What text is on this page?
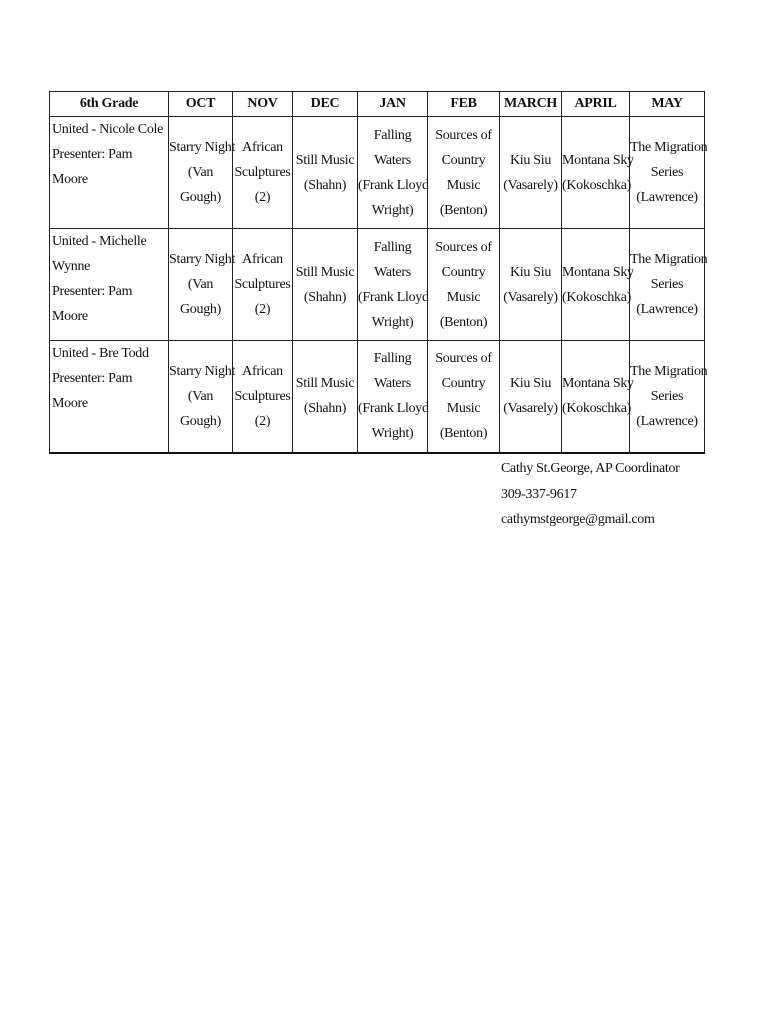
6th Grade	OCT	NOV	DEC	JAN	FEB	MARCH	APRIL	MAY

United - Nicole Cole
Presenter: Pam Moore	Starry Night
(Van
Gough)	African
Sculptures
(2)	Still Music
(Shahn)	Falling
Waters
(Frank Lloyd
Wright)	Sources of
Country
Music
(Benton)	Kiu Siu
(Vasarely)	Montana Sky
(Kokoschka)	The Migration
Series
(Lawrence)

United - Michelle
Wynne
Presenter: Pam Moore	Starry Night
(Van
Gough)	African
Sculptures
(2)	Still Music
(Shahn)	Falling
Waters
(Frank Lloyd
Wright)	Sources of
Country
Music
(Benton)	Kiu Siu
(Vasarely)	Montana Sky
(Kokoschka)	The Migration
Series
(Lawrence)

United - Bre Todd
Presenter: Pam Moore	Starry Night
(Van
Gough)	African
Sculptures
(2)	Still Music
(Shahn)	Falling
Waters
(Frank Lloyd
Wright)	Sources of
Country
Music
(Benton)	Kiu Siu
(Vasarely)	Montana Sky
(Kokoschka)	The Migration
Series
(Lawrence)
Cathy St.George, AP Coordinator
309-337-9617
cathymstgeorge@gmail.com
